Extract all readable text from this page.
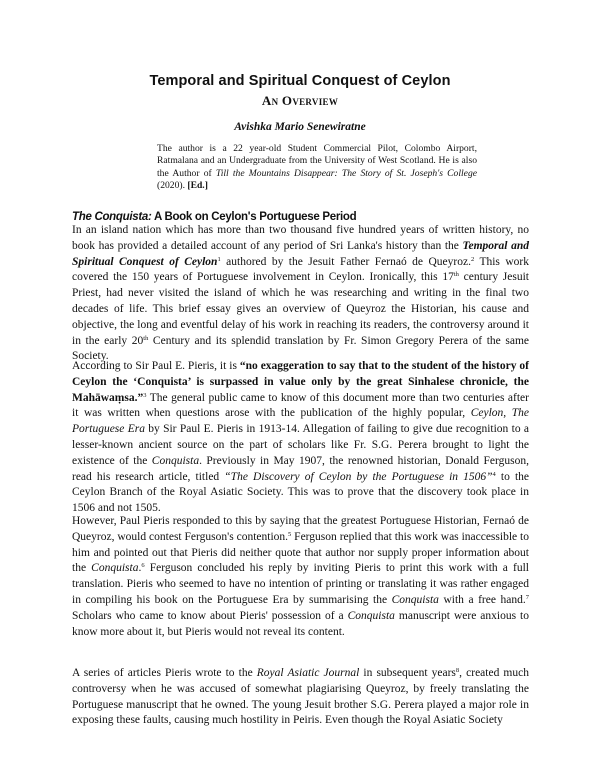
Temporal and Spiritual Conquest of Ceylon
An Overview
Avishka Mario Senewiratne
The author is a 22 year-old Student Commercial Pilot, Colombo Airport, Ratmalana and an Undergraduate from the University of West Scotland. He is also the Author of Till the Mountains Disappear: The Story of St. Joseph's College (2020). [Ed.]
The Conquista: A Book on Ceylon's Portuguese Period
In an island nation which has more than two thousand five hundred years of written history, no book has provided a detailed account of any period of Sri Lanka's history than the Temporal and Spiritual Conquest of Ceylon$^1$ authored by the Jesuit Father Fernaó de Queyroz.$^2$ This work covered the 150 years of Portuguese involvement in Ceylon. Ironically, this 17th century Jesuit Priest, had never visited the island of which he was researching and writing in the final two decades of life. This brief essay gives an overview of Queyroz the Historian, his cause and objective, the long and eventful delay of his work in reaching its readers, the controversy around it in the early 20th Century and its splendid translation by Fr. Simon Gregory Perera of the same Society.
According to Sir Paul E. Pieris, it is “no exaggeration to say that to the student of the history of Ceylon the ‘Conquista’ is surpassed in value only by the great Sinhalese chronicle, the Mahāwaṃsa.”$^3$ The general public came to know of this document more than two centuries after it was written when questions arose with the publication of the highly popular, Ceylon, The Portuguese Era by Sir Paul E. Pieris in 1913-14. Allegation of failing to give due recognition to a lesser-known ancient source on the part of scholars like Fr. S.G. Perera brought to light the existence of the Conquista. Previously in May 1907, the renowned historian, Donald Ferguson, read his research article, titled “The Discovery of Ceylon by the Portuguese in 1506”$^4$ to the Ceylon Branch of the Royal Asiatic Society. This was to prove that the discovery took place in 1506 and not 1505.
However, Paul Pieris responded to this by saying that the greatest Portuguese Historian, Fernaó de Queyroz, would contest Ferguson's contention.$^5$ Ferguson replied that this work was inaccessible to him and pointed out that Pieris did neither quote that author nor supply proper information about the Conquista.$^6$ Ferguson concluded his reply by inviting Pieris to print this work with a full translation. Pieris who seemed to have no intention of printing or translating it was rather engaged in compiling his book on the Portuguese Era by summarising the Conquista with a free hand.$^7$ Scholars who came to know about Pieris' possession of a Conquista manuscript were anxious to know more about it, but Pieris would not reveal its content.
A series of articles Pieris wrote to the Royal Asiatic Journal in subsequent years$^8$, created much controversy when he was accused of somewhat plagiarising Queyroz, by freely translating the Portuguese manuscript that he owned. The young Jesuit brother S.G. Perera played a major role in exposing these faults, causing much hostility in Peiris. Even though the Royal Asiatic Society
